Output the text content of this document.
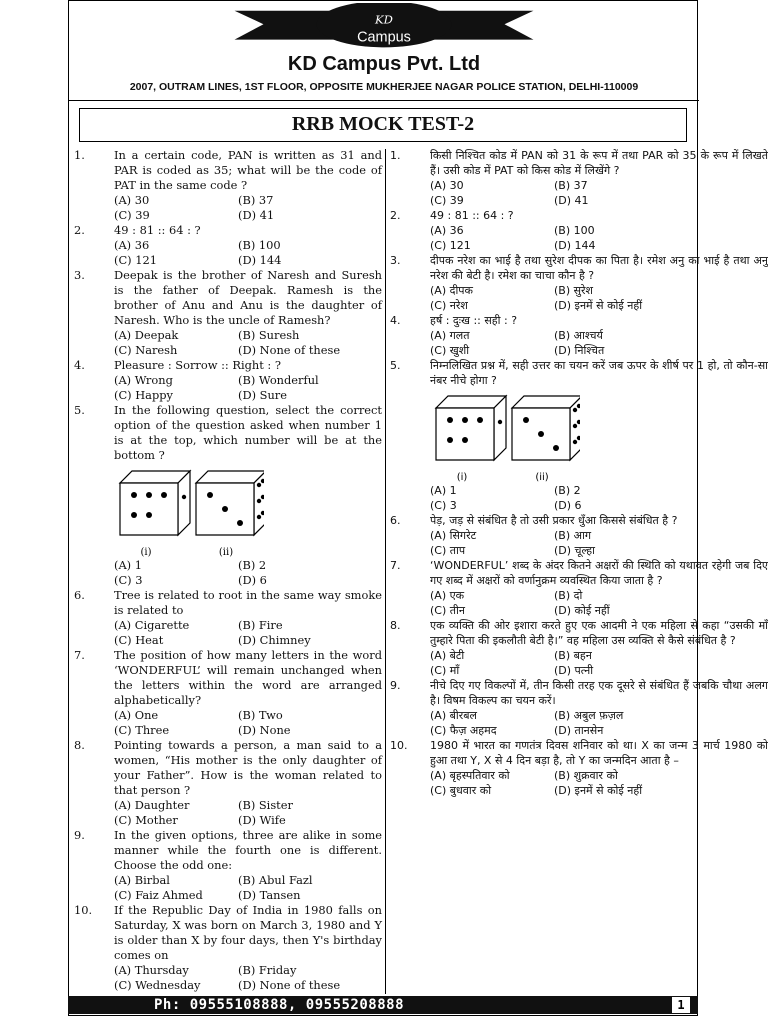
KD
Campus
KD Campus Pvt. Ltd
2007, OUTRAM LINES, 1ST FLOOR, OPPOSITE MUKHERJEE NAGAR POLICE STATION, DELHI-110009
RRB MOCK TEST-2
1.	In a certain code, PAN is written as 31 and PAR is coded as 35; what will be the code of PAT in the same code ?
(A) 30	(B) 37
(C) 39	(D) 41
2.	49 : 81 :: 64 : ?
(A) 36	(B) 100
(C) 121	(D) 144
3.	Deepak is the brother of Naresh and Suresh is the father of Deepak. Ramesh is the brother of Anu and Anu is the daughter of Naresh. Who is the uncle of Ramesh?
(A) Deepak	(B) Suresh
(C) Naresh	(D) None of these
4.	Pleasure : Sorrow :: Right : ?
(A) Wrong	(B) Wonderful
(C) Happy	(D) Sure
5.	In the following question, select the correct option of the question asked when number 1 is at the top, which number will be at the bottom ?
(i)	(ii)
(A) 1	(B) 2
(C) 3	(D) 6
6.	Tree is related to root in the same way smoke is related to
(A) Cigarette	(B) Fire
(C) Heat	(D) Chimney
7.	The position of how many letters in the word ‘WONDERFUL’ will remain unchanged when the letters within the word are arranged alphabetically?
(A) One	(B) Two
(C) Three	(D) None
8.	Pointing towards a person, a man said to a women, “His mother is the only daughter of your Father”. How is the woman related to that person ?
(A) Daughter	(B) Sister
(C) Mother	(D) Wife
9.	In the given options, three are alike in some manner while the fourth one is different. Choose the odd one:
(A) Birbal	(B) Abul Fazl
(C) Faiz Ahmed	(D) Tansen
10. If the Republic Day of India in 1980 falls on Saturday, X was born on March 3, 1980 and Y is older than X by four days, then Y's birthday comes on
(A) Thursday	(B) Friday
(C) Wednesday	(D) None of these
1.	किसी निश्चित कोड में PAN को 31 के रूप में तथा PAR को 35 के रूप में लिखते हैं। उसी कोड में PAT को किस कोड में लिखेंगे ?
(A) 30	(B) 37
(C) 39	(D) 41
2.	49 : 81 :: 64 : ?
(A) 36	(B) 100
(C) 121	(D) 144
3.	दीपक नरेश का भाई है तथा सुरेश दीपक का पिता है। रमेश अनु का भाई है तथा अनु नरेश की बेटी है। रमेश का चाचा कौन है ?
(A) दीपक	(B) सुरेश
(C) नरेश	(D) इनमें से कोई नहीं
4.	हर्ष : दुःख :: सही : ?
(A) गलत	(B) आश्चर्य
(C) खुशी	(D) निश्चित
5.	निम्नलिखित प्रश्न में, सही उत्तर का चयन करें जब ऊपर के शीर्ष पर 1 हो, तो कौन-सा नंबर नीचे होगा ?
(i)	(ii)
(A) 1	(B) 2
(C) 3	(D) 6
6.	पेड़, जड़ से संबंधित है तो उसी प्रकार धुँआ किससे संबंधित है ?
(A) सिगरेट	(B) आग
(C) ताप	(D) चूल्हा
7.	‘WONDERFUL’ शब्द के अंदर कितने अक्षरों की स्थिति को यथावत रहेगी जब दिए गए शब्द में अक्षरों को वर्णानुक्रम व्यवस्थित किया जाता है ?
(A) एक	(B) दो
(C) तीन	(D) कोई नहीं
8.	एक व्यक्ति की ओर इशारा करते हुए एक आदमी ने एक महिला से कहा “उसकी माँ तुम्हारे पिता की इकलौती बेटी है।” वह महिला उस व्यक्ति से कैसे संबंधित है ?
(A) बेटी	(B) बहन
(C) माँ	(D) पत्नी
9.	नीचे दिए गए विकल्पों में, तीन किसी तरह एक दूसरे से संबंधित हैं जबकि चौथा अलग है। विषम विकल्प का चयन करें।
(A) बीरबल	(B) अबुल फ़ज़ल
(C) फैज़ अहमद	(D) तानसेन
10. 1980 में भारत का गणतंत्र दिवस शनिवार को था। X का जन्म 3 मार्च 1980 को हुआ तथा Y, X से 4 दिन बड़ा है, तो Y का जन्मदिन आता है –
(A) बृहस्पतिवार को	(B) शुक्रवार को
(C) बुधवार को	(D) इनमें से कोई नहीं
Ph: 09555108888, 09555208888	1
